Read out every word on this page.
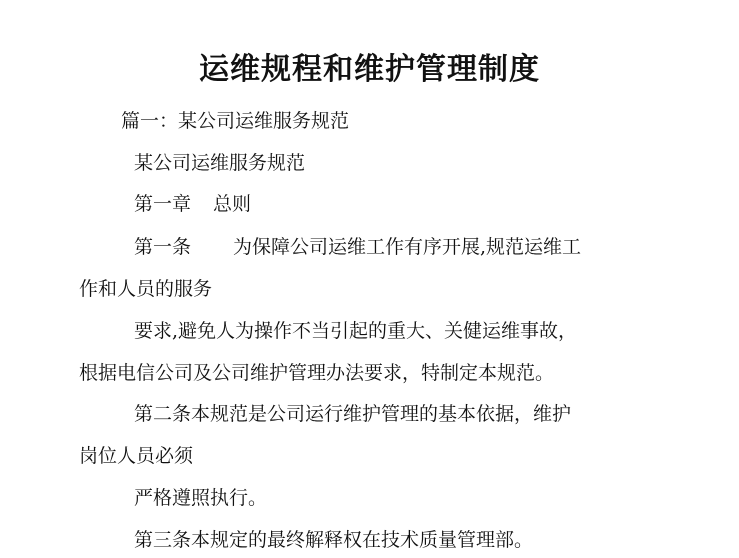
运维规程和维护管理制度

篇一：某公司运维服务规范

某公司运维服务规范

第一章 总则

第一条 为保障公司运维工作有序开展,规范运维工

作和人员的服务

要求,避免人为操作不当引起的重大、关健运维事故，

根据电信公司及公司维护管理办法要求，特制定本规范。

第二条本规范是公司运行维护管理的基本依据，维护

岗位人员必须

严格遵照执行。

第三条本规定的最终解释权在技术质量管理部。
